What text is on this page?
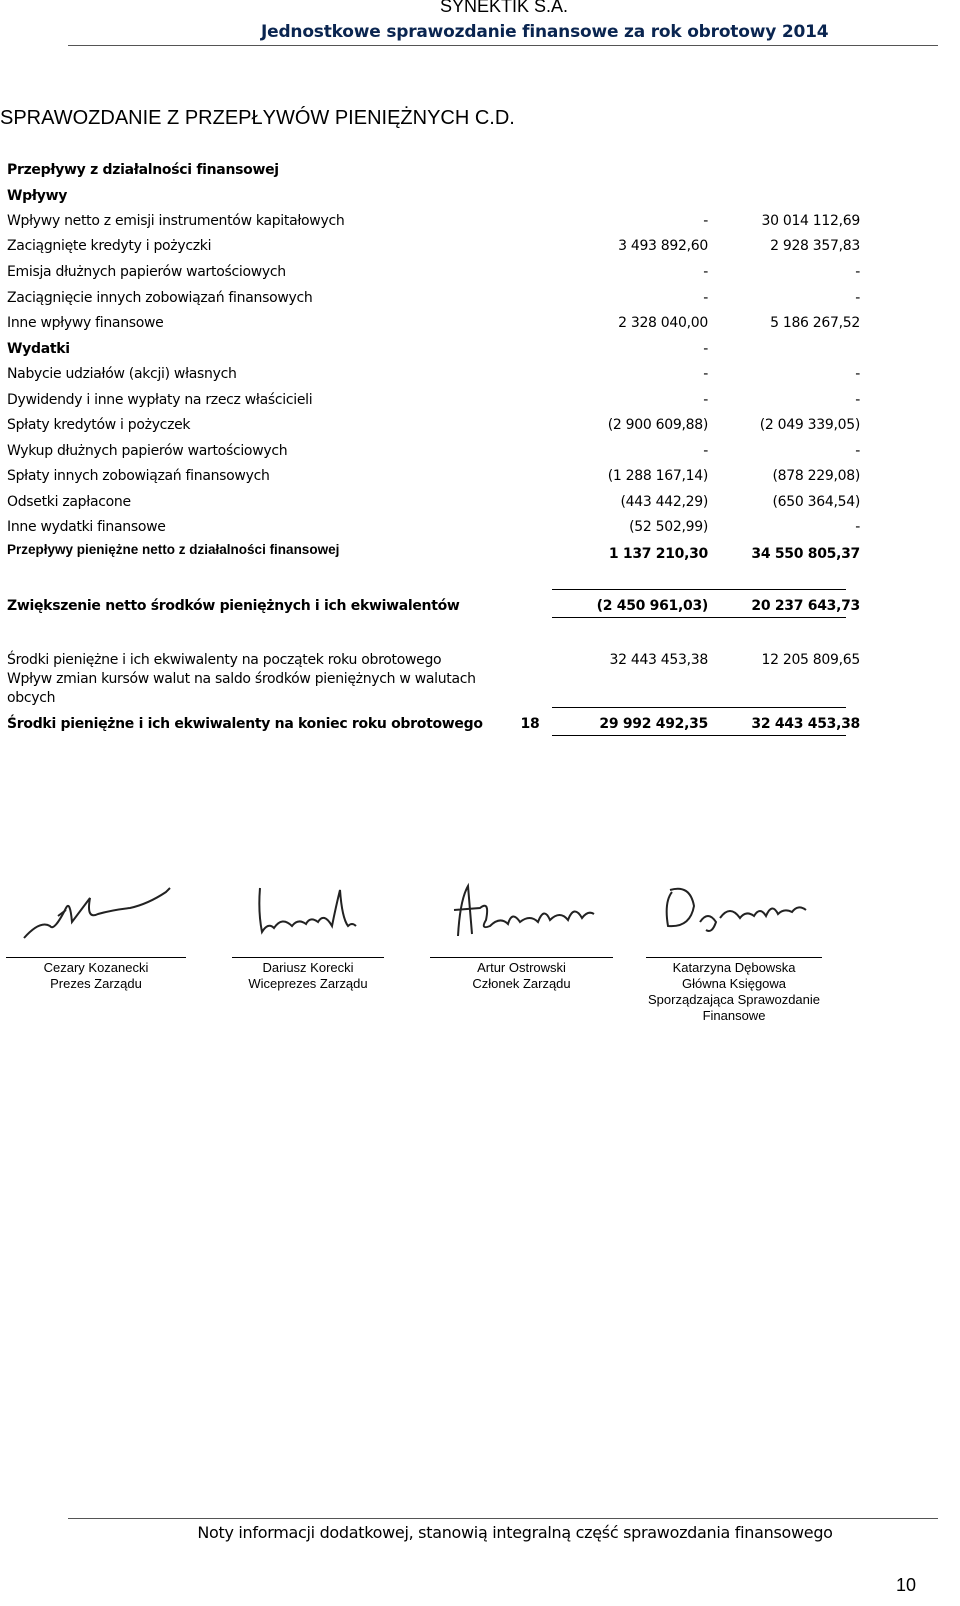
SYNEKTIK S.A.
Jednostkowe sprawozdanie finansowe za rok obrotowy 2014
SPRAWOZDANIE Z PRZEPŁYWÓW PIENIĘŻNYCH C.D.
Przepływy z działalności finansowej
Wpływy
Wpływy netto z emisji instrumentów kapitałowych	-	30 014 112,69
Zaciągnięte kredyty i pożyczki	3 493 892,60	2 928 357,83
Emisja dłużnych papierów wartościowych	-	-
Zaciągnięcie innych zobowiązań finansowych	-	-
Inne wpływy finansowe	2 328 040,00	5 186 267,52
Wydatki	-
Nabycie udziałów (akcji) własnych	-	-
Dywidendy i inne wypłaty na rzecz właścicieli	-	-
Spłaty kredytów i pożyczek	(2 900 609,88)	(2 049 339,05)
Wykup dłużnych papierów wartościowych	-	-
Spłaty innych zobowiązań finansowych	(1 288 167,14)	(878 229,08)
Odsetki zapłacone	(443 442,29)	(650 364,54)
Inne wydatki finansowe	(52 502,99)	-
Przepływy pieniężne netto z działalności finansowej	1 137 210,30	34 550 805,37
Zwiększenie netto środków pieniężnych i ich ekwiwalentów	(2 450 961,03)	20 237 643,73
Środki pieniężne i ich ekwiwalenty na początek roku obrotowego	32 443 453,38	12 205 809,65
Wpływ zmian kursów walut na saldo środków pieniężnych w walutach
obcych
Środki pieniężne i ich ekwiwalenty na koniec roku obrotowego	18	29 992 492,35	32 443 453,38
Cezary Kozanecki
Prezes Zarządu
Dariusz Korecki
Wiceprezes Zarządu
Artur Ostrowski
Członek Zarządu
Katarzyna Dębowska
Główna Księgowa
Sporządzająca Sprawozdanie
Finansowe
Noty informacji dodatkowej, stanowią integralną część sprawozdania finansowego
10
